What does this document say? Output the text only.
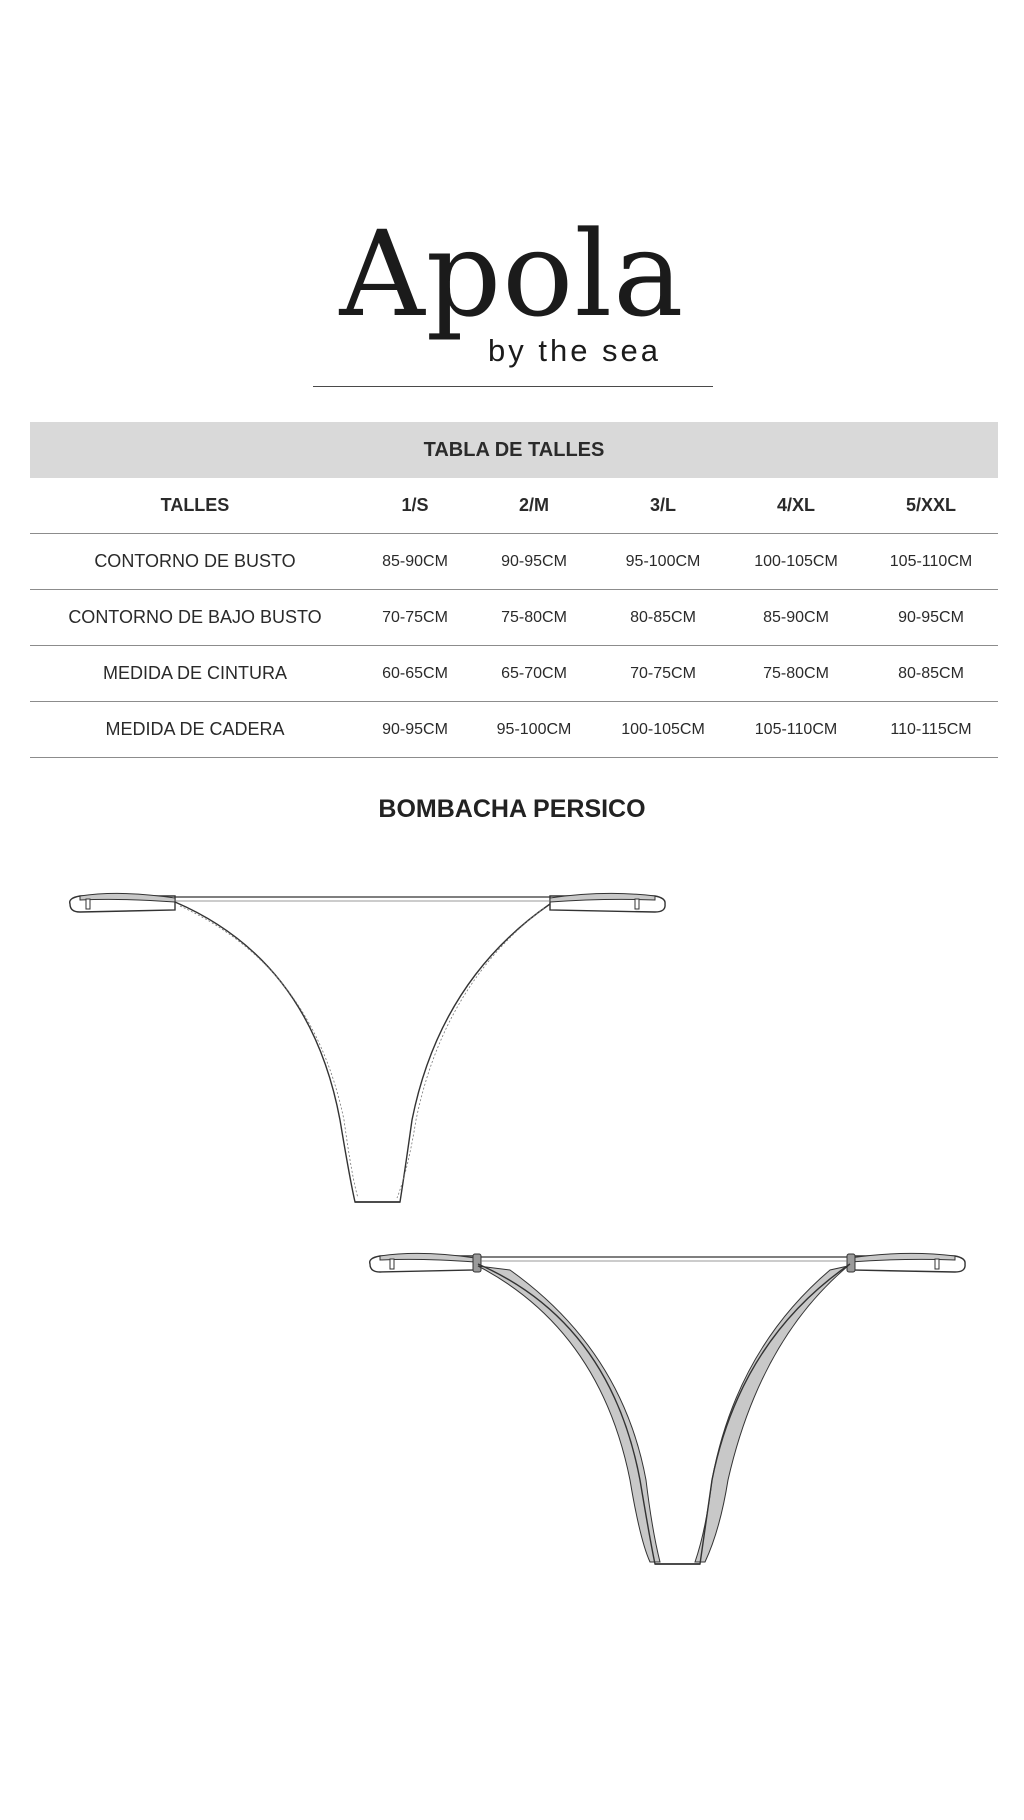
Apola
by the sea
TABLA DE TALLES
TALLES	1/S	2/M	3/L	4/XL	5/XXL
CONTORNO DE BUSTO	85-90CM	90-95CM	95-100CM	100-105CM	105-110CM
CONTORNO DE BAJO BUSTO	70-75CM	75-80CM	80-85CM	85-90CM	90-95CM
MEDIDA DE CINTURA	60-65CM	65-70CM	70-75CM	75-80CM	80-85CM
MEDIDA DE CADERA	90-95CM	95-100CM	100-105CM	105-110CM	110-115CM
BOMBACHA PERSICO
